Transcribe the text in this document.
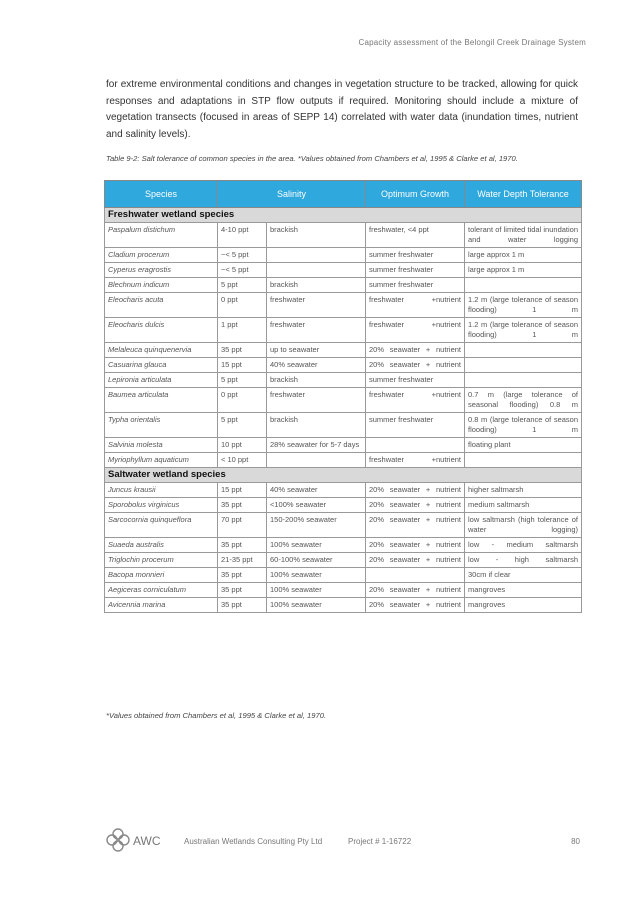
Capacity assessment of the Belongil Creek Drainage System

for extreme environmental conditions and changes in vegetation structure to be tracked, allowing for quick responses and adaptations in STP flow outputs if required. Monitoring should include a mixture of vegetation transects (focused in areas of SEPP 14) correlated with water data (inundation times, nutrient and salinity levels).

Table 9-2: Salt tolerance of common species in the area. *Values obtained from Chambers et al, 1995 & Clarke et al, 1970.
Species	Salinity		Optimum Growth	Water Depth Tolerance
Freshwater wetland species				
Paspalum distichum	4-10 ppt	brackish	freshwater, <4 ppt	tolerant of limited tidal inundation and water logging
Cladium procerum	~< 5 ppt		summer freshwater	large approx 1 m
Cyperus eragrostis	~< 5 ppt		summer freshwater	large approx 1 m
Blechnum indicum	5 ppt	brackish	summer freshwater	
Eleocharis acuta	0 ppt	freshwater	freshwater +nutrient	1.2 m (large tolerance of season flooding) 1 m
Eleocharis dulcis	1 ppt	freshwater	freshwater +nutrient	1.2 m (large tolerance of season flooding) 1 m
Melaleuca quinquenervia	35 ppt	up to seawater	20% seawater + nutrient	
Casuarina glauca	15 ppt	40% seawater	20% seawater + nutrient	
Lepironia articulata	5 ppt	brackish	summer freshwater	
Baumea articulata	0 ppt	freshwater	freshwater +nutrient	0.7 m (large tolerance of seasonal flooding) 0.8 m
Typha orientalis	5 ppt	brackish	summer freshwater	0.8 m (large tolerance of season flooding) 1 m
Salvinia molesta	10 ppt	28% seawater for 5-7 days		floating plant
Myriophyllum aquaticum	< 10 ppt		freshwater +nutrient	
Saltwater wetland species				
Juncus krausii	15 ppt	40% seawater	20% seawater + nutrient	higher saltmarsh
Sporobolus virginicus	35 ppt	<100% seawater	20% seawater + nutrient	medium saltmarsh
Sarcocornia quinqueflora	70 ppt	150-200% seawater	20% seawater + nutrient	low saltmarsh (high tolerance of water logging)
Suaeda australis	35 ppt	100% seawater	20% seawater + nutrient	low - medium saltmarsh
Triglochin procerum	21-35 ppt	60-100% seawater	20% seawater + nutrient	low - high saltmarsh
Bacopa monnieri	35 ppt	100% seawater		30cm if clear
Aegiceras corniculatum	35 ppt	100% seawater	20% seawater + nutrient	mangroves
Avicennia marina	35 ppt	100% seawater	20% seawater + nutrient	mangroves
*Values obtained from Chambers et al, 1995 & Clarke et al, 1970.
AWC	Australian Wetlands Consulting Pty Ltd	Project # 1-16722	80
